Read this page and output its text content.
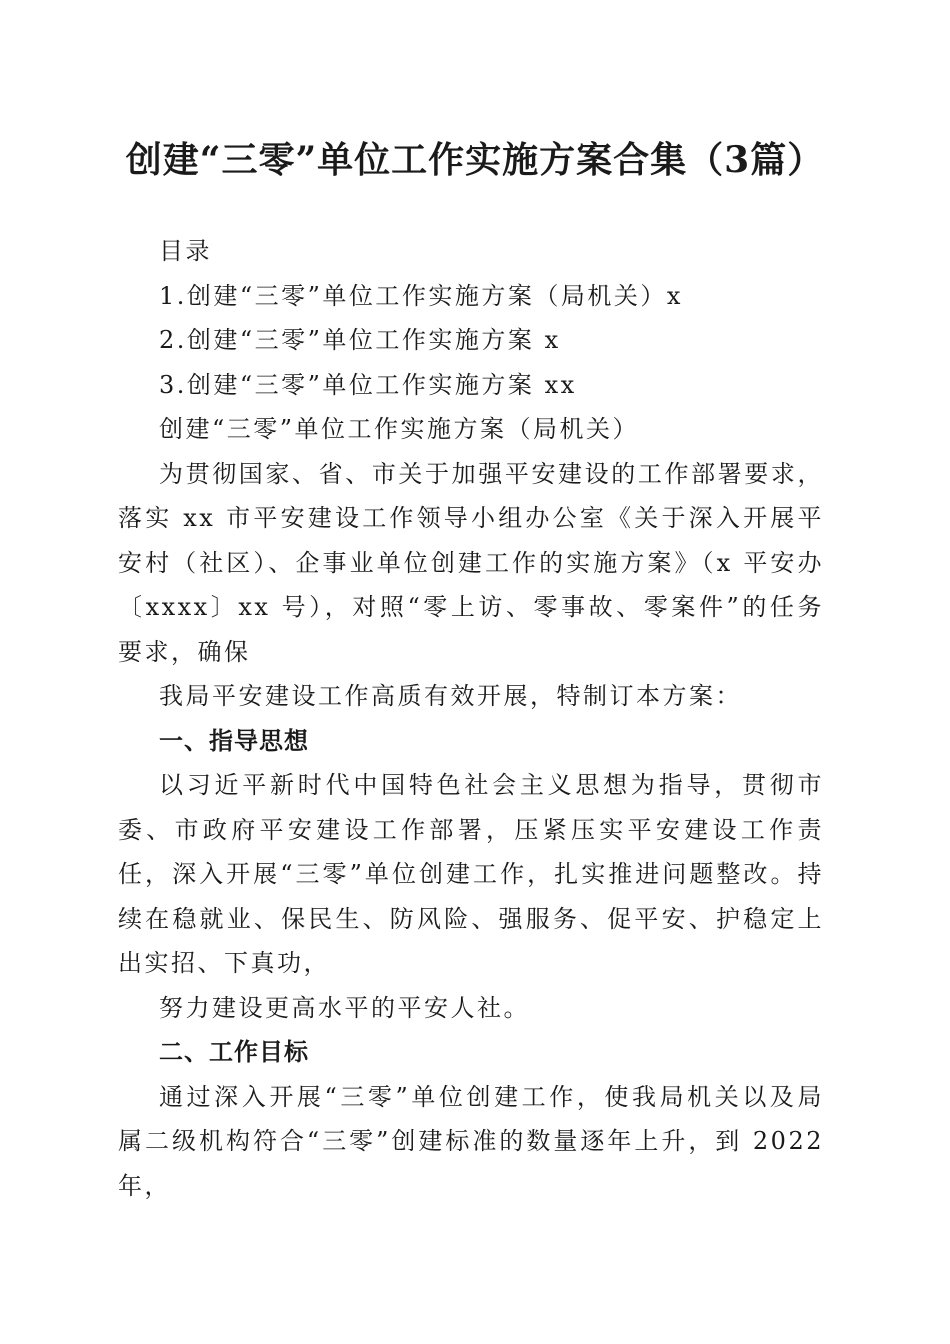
创建“三零”单位工作实施方案合集（3篇）

目录

1.创建“三零”单位工作实施方案（局机关）x

2.创建“三零”单位工作实施方案 x

3.创建“三零”单位工作实施方案 xx

创建“三零”单位工作实施方案（局机关）

为贯彻国家、省、市关于加强平安建设的工作部署要求，落实 xx 市平安建设工作领导小组办公室《关于深入开展平安村（社区）、企事业单位创建工作的实施方案》（x 平安办〔xxxx〕xx 号），对照“零上访、零事故、零案件”的任务要求，确保

我局平安建设工作高质有效开展，特制订本方案：

一、指导思想

以习近平新时代中国特色社会主义思想为指导，贯彻市委、市政府平安建设工作部署，压紧压实平安建设工作责任，深入开展“三零”单位创建工作，扎实推进问题整改。持续在稳就业、保民生、防风险、强服务、促平安、护稳定上出实招、下真功，

努力建设更高水平的平安人社。

二、工作目标

通过深入开展“三零”单位创建工作，使我局机关以及局属二级机构符合“三零”创建标准的数量逐年上升，到 2022 年，
